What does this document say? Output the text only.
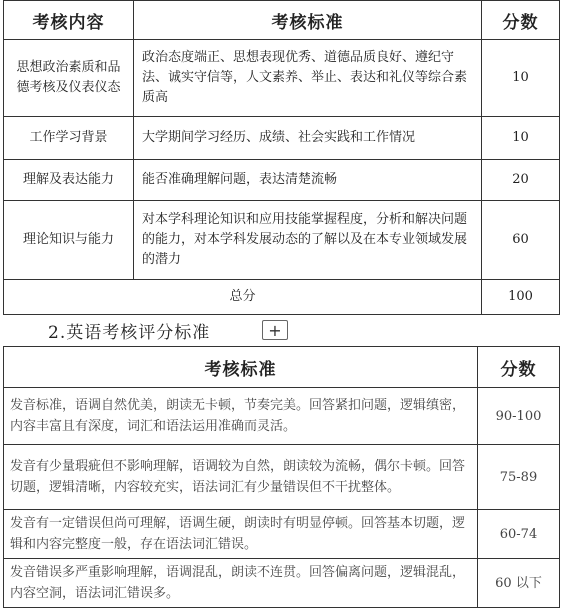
考核内容	考核标准	分数
思想政治素质和品德考核及仪表仪态	政治态度端正、思想表现优秀、道德品质良好、遵纪守法、诚实守信等，人文素养、举止、表达和礼仪等综合素质高	10
工作学习背景	大学期间学习经历、成绩、社会实践和工作情况	10
理解及表达能力	能否准确理解问题，表达清楚流畅	20
理论知识与能力	对本学科理论知识和应用技能掌握程度，分析和解决问题的能力，对本学科发展动态的了解以及在本专业领域发展的潜力	60
总分		100
2.英语考核评分标准	+
考核标准	分数
发音标准，语调自然优美，朗读无卡顿，节奏完美。回答紧扣问题，逻辑缜密，内容丰富且有深度，词汇和语法运用准确而灵活。	90-100
发音有少量瑕疵但不影响理解，语调较为自然，朗读较为流畅，偶尔卡顿。回答切题，逻辑清晰，内容较充实，语法词汇有少量错误但不干扰整体。	75-89
发音有一定错误但尚可理解，语调生硬，朗读时有明显停顿。回答基本切题，逻辑和内容完整度一般，存在语法词汇错误。	60-74
发音错误多严重影响理解，语调混乱，朗读不连贯。回答偏离问题，逻辑混乱，内容空洞，语法词汇错误多。	60 以下
